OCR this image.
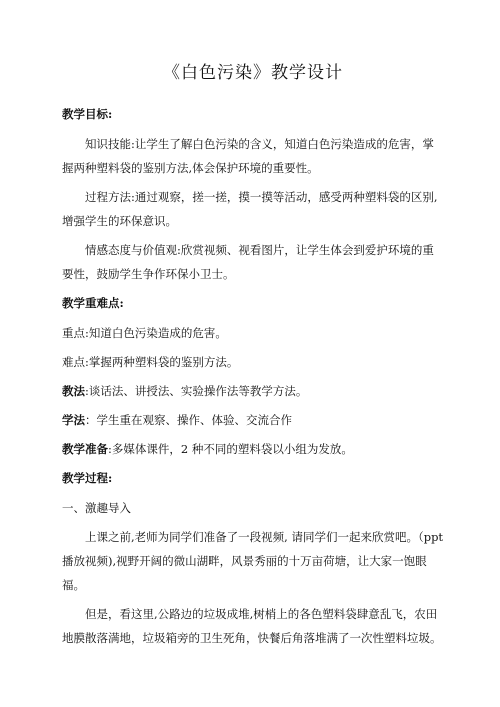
《白色污染》教学设计
教学目标:
知识技能:让学生了解白色污染的含义，知道白色污染造成的危害，掌握两种塑料袋的鉴别方法,体会保护环境的重要性。
过程方法:通过观察，搓一搓，摸一摸等活动，感受两种塑料袋的区别,增强学生的环保意识。
情感态度与价值观:欣赏视频、视看图片，让学生体会到爱护环境的重要性，鼓励学生争作环保小卫士。
教学重难点:
重点:知道白色污染造成的危害。
难点:掌握两种塑料袋的鉴别方法。
教法:谈话法、讲授法、实验操作法等教学方法。
学法：学生重在观察、操作、体验、交流合作
教学准备:多媒体课件，2 种不同的塑料袋以小组为发放。
教学过程:
一、激趣导入
上课之前,老师为同学们准备了一段视频, 请同学们一起来欣赏吧。（ppt 播放视频),视野开阔的微山湖畔，风景秀丽的十万亩荷塘，让大家一饱眼福。
但是，看这里,公路边的垃圾成堆,树梢上的各色塑料袋肆意乱飞，农田地膜散落满地，垃圾箱旁的卫生死角，快餐后角落堆满了一次性塑料垃圾。
